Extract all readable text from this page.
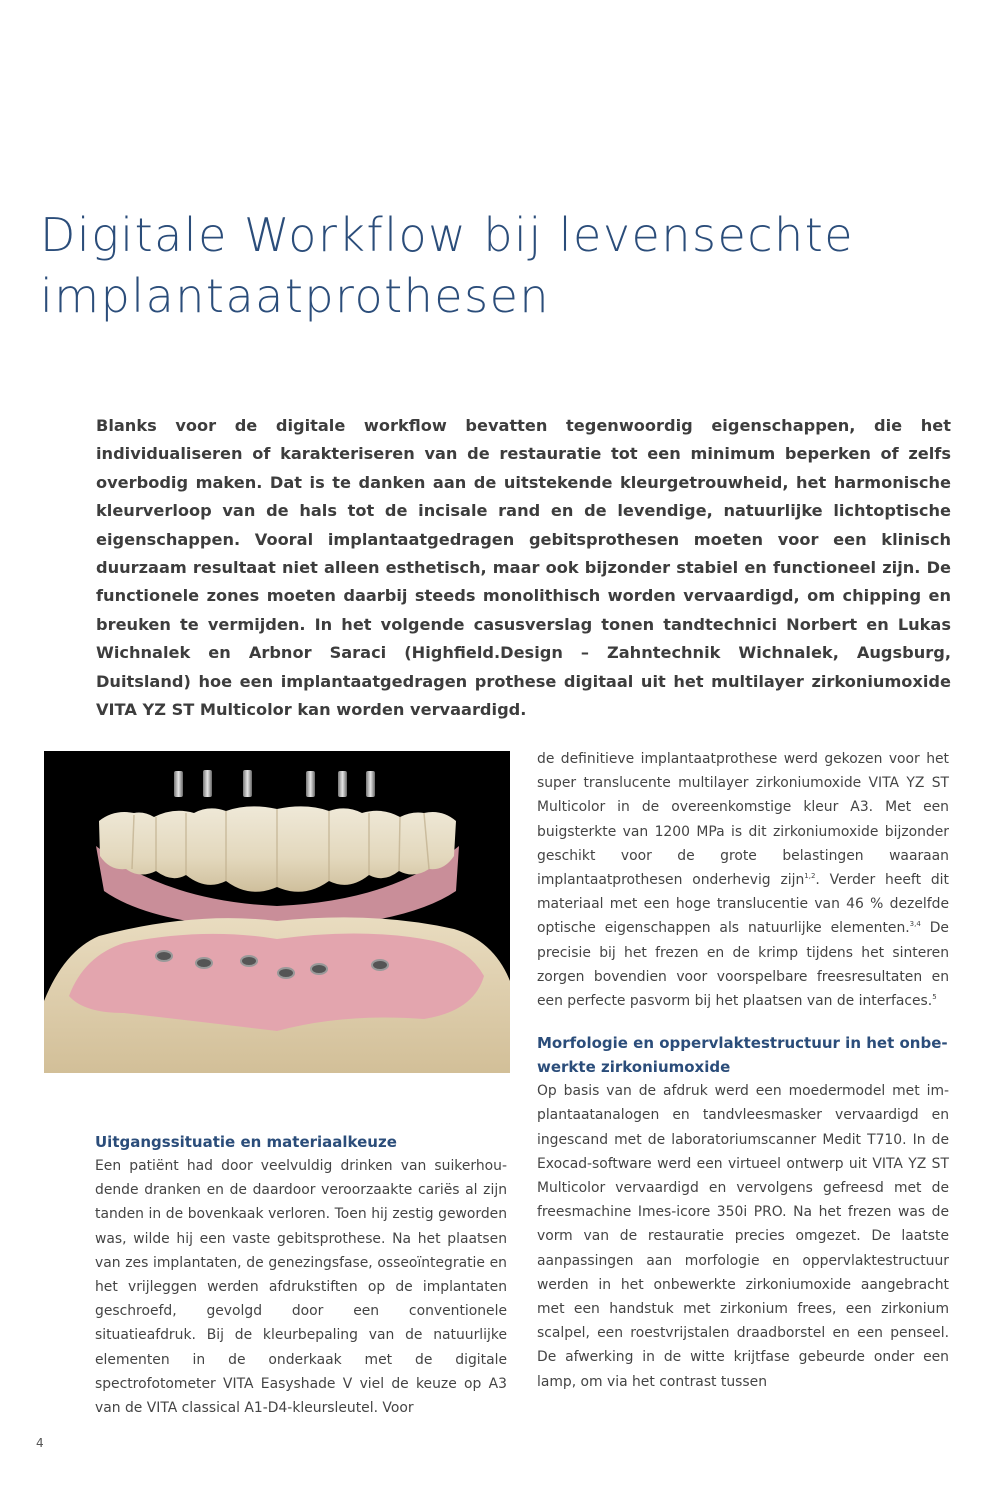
Digitale Workflow bij levensechte implantaatprothesen

Blanks voor de digitale workflow bevatten tegenwoordig eigenschappen, die het individualiseren of karakteriseren van de restauratie tot een minimum beperken of zelfs overbodig maken. Dat is te danken aan de uitstekende kleurgetrouwheid, het harmonische kleurverloop van de hals tot de incisale rand en de levendige, natuurlijke lichtoptische eigenschappen. Vooral implantaatgedragen gebitsprothesen moeten voor een klinisch duurzaam resultaat niet alleen esthetisch, maar ook bijzonder stabiel en functioneel zijn. De functionele zones moeten daarbij steeds monolithisch worden vervaardigd, om chipping en breuken te vermijden. In het volgende casusverslag tonen tandtechnici Norbert en Lukas Wichnalek en Arbnor Saraci (Highfield.Design – Zahntechnik Wichnalek, Augsburg, Duitsland) hoe een implantaatgedragen prothese digitaal uit het multilayer zirkoniumoxide VITA YZ ST Multicolor kan worden vervaardigd.

Uitgangssituatie en materiaalkeuze

Een patiënt had door veelvuldig drinken van suikerhoudende dranken en de daardoor veroorzaakte cariës al zijn tanden in de bovenkaak verloren. Toen hij zestig geworden was, wilde hij een vaste gebitsprothese. Na het plaatsen van zes implantaten, de genezingsfase, osseoïntegratie en het vrijleggen werden afdrukstiften op de implantaten geschroefd, gevolgd door een conventionele situatieafdruk. Bij de kleurbepaling van de natuurlijke elementen in de onderkaak met de digitale spectrofotometer VITA Easyshade V viel de keuze op A3 van de VITA classical A1-D4-kleursleutel. Voor

de definitieve implantaatprothese werd gekozen voor het super translucente multilayer zirkoniumoxide VITA YZ ST Multicolor in de overeenkomstige kleur A3. Met een buigsterkte van 1200 MPa is dit zirkoniumoxide bijzonder geschikt voor de grote belastingen waaraan implantaatprothesen onderhevig zijn$^{1,2}$. Verder heeft dit materiaal met een hoge translucentie van 46 % dezelfde optische eigenschappen als natuurlijke elementen.$^{3,4}$ De precisie bij het frezen en de krimp tijdens het sinteren zorgen bovendien voor voorspelbare freesresultaten en een perfecte pasvorm bij het plaatsen van de interfaces.$^5$

Morfologie en oppervlaktestructuur in het onbewerkte zirkoniumoxide

Op basis van de afdruk werd een moedermodel met implantaatanalogen en tandvleesmasker vervaardigd en ingescand met de laboratoriumscanner Medit T710. In de Exocad-software werd een virtueel ontwerp uit VITA YZ ST Multicolor vervaardigd en vervolgens gefreesd met de freesmachine Imes-icore 350i PRO. Na het frezen was de vorm van de restauratie precies omgezet. De laatste aanpassingen aan morfologie en oppervlaktestructuur werden in het onbewerkte zirkoniumoxide aangebracht met een handstuk met zirkonium frees, een zirkonium scalpel, een roestvrijstalen draadborstel en een penseel. De afwerking in de witte krijtfase gebeurde onder een lamp, om via het contrast tussen

4
